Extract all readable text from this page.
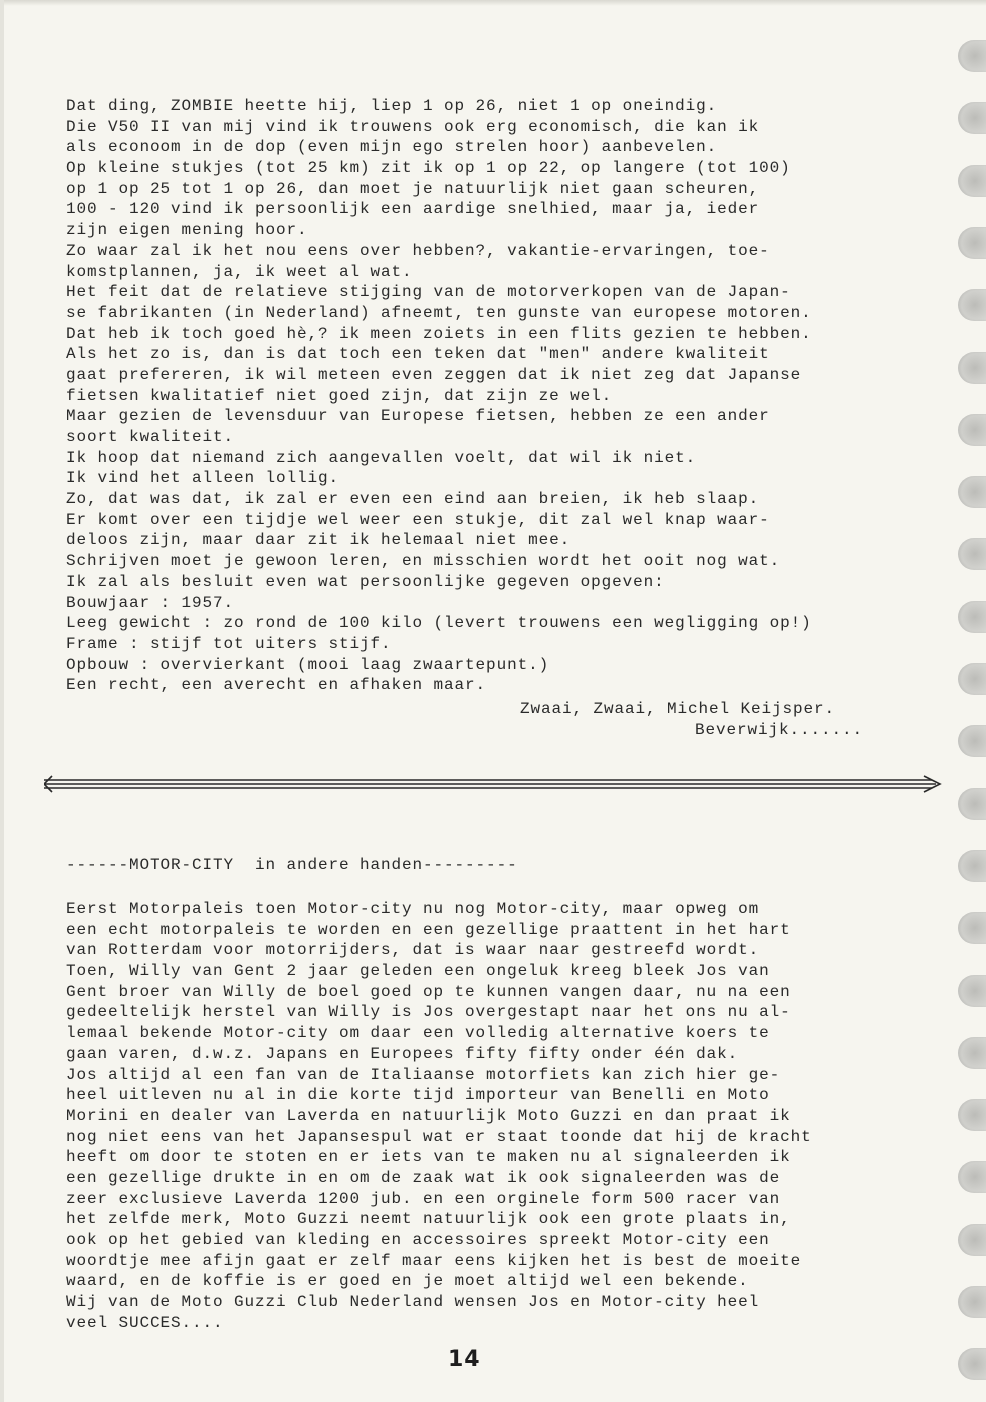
Dat ding, ZOMBIE heette hij, liep 1 op 26, niet 1 op oneindig.
Die V50 II van mij vind ik trouwens ook erg economisch, die kan ik
als econoom in de dop (even mijn ego strelen hoor) aanbevelen.
Op kleine stukjes (tot 25 km) zit ik op 1 op 22, op langere (tot 100)
op 1 op 25 tot 1 op 26, dan moet je natuurlijk niet gaan scheuren,
100 - 120 vind ik persoonlijk een aardige snelhied, maar ja, ieder
zijn eigen mening hoor.
Zo waar zal ik het nou eens over hebben?, vakantie-ervaringen, toe-
komstplannen, ja, ik weet al wat.
Het feit dat de relatieve stijging van de motorverkopen van de Japan-
se fabrikanten (in Nederland) afneemt, ten gunste van europese motoren.
Dat heb ik toch goed hè,? ik meen zoiets in een flits gezien te hebben.
Als het zo is, dan is dat toch een teken dat "men" andere kwaliteit
gaat prefereren, ik wil meteen even zeggen dat ik niet zeg dat Japanse
fietsen kwalitatief niet goed zijn, dat zijn ze wel.
Maar gezien de levensduur van Europese fietsen, hebben ze een ander
soort kwaliteit.
Ik hoop dat niemand zich aangevallen voelt, dat wil ik niet.
Ik vind het alleen lollig.
Zo, dat was dat, ik zal er even een eind aan breien, ik heb slaap.
Er komt over een tijdje wel weer een stukje, dit zal wel knap waar-
deloos zijn, maar daar zit ik helemaal niet mee.
Schrijven moet je gewoon leren, en misschien wordt het ooit nog wat.
Ik zal als besluit even wat persoonlijke gegeven opgeven:
Bouwjaar : 1957.
Leeg gewicht : zo rond de 100 kilo (levert trouwens een wegligging op!)
Frame : stijf tot uiters stijf.
Opbouw : overvierkant (mooi laag zwaartepunt.)
Een recht, een averecht en afhaken maar.
Zwaai, Zwaai, Michel Keijsper.
Beverwijk.......
------MOTOR-CITY  in andere handen---------
Eerst Motorpaleis toen Motor-city nu nog Motor-city, maar opweg om
een echt motorpaleis te worden en een gezellige praattent in het hart
van Rotterdam voor motorrijders, dat is waar naar gestreefd wordt.
Toen, Willy van Gent 2 jaar geleden een ongeluk kreeg bleek Jos van
Gent broer van Willy de boel goed op te kunnen vangen daar, nu na een
gedeeltelijk herstel van Willy is Jos overgestapt naar het ons nu al-
lemaal bekende Motor-city om daar een volledig alternative koers te
gaan varen, d.w.z. Japans en Europees fifty fifty onder één dak.
Jos altijd al een fan van de Italiaanse motorfiets kan zich hier ge-
heel uitleven nu al in die korte tijd importeur van Benelli en Moto
Morini en dealer van Laverda en natuurlijk Moto Guzzi en dan praat ik
nog niet eens van het Japansespul wat er staat toonde dat hij de kracht
heeft om door te stoten en er iets van te maken nu al signaleerden ik
een gezellige drukte in en om de zaak wat ik ook signaleerden was de
zeer exclusieve Laverda 1200 jub. en een orginele form 500 racer van
het zelfde merk, Moto Guzzi neemt natuurlijk ook een grote plaats in,
ook op het gebied van kleding en accessoires spreekt Motor-city een
woordtje mee afijn gaat er zelf maar eens kijken het is best de moeite
waard, en de koffie is er goed en je moet altijd wel een bekende.
Wij van de Moto Guzzi Club Nederland wensen Jos en Motor-city heel
veel SUCCES....
14
